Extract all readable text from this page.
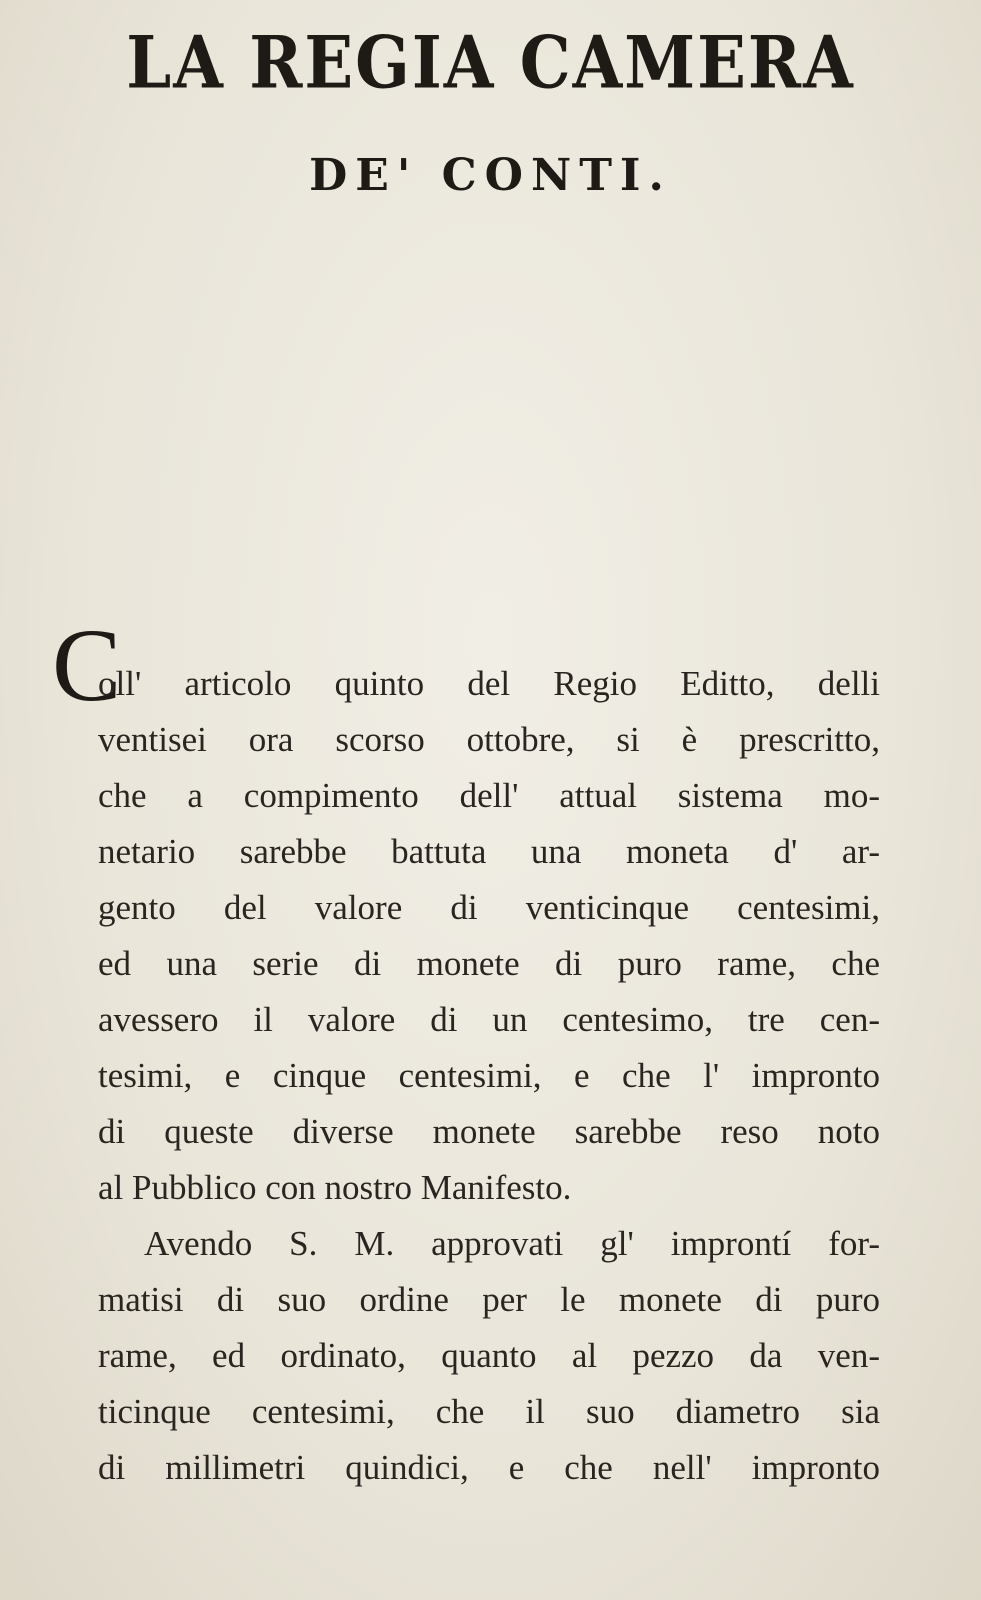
LA REGIA CAMERA
DE' CONTI.
C
oll' articolo quinto del Regio Editto, delli
ventisei ora scorso ottobre, si è prescritto,
che a compimento dell' attual sistema mo-
netario sarebbe battuta una moneta d' ar-
gento del valore di venticinque centesimi,
ed una serie di monete di puro rame, che
avessero il valore di un centesimo, tre cen-
tesimi, e cinque centesimi, e che l' impronto
di queste diverse monete sarebbe reso noto
al Pubblico con nostro Manifesto.
Avendo S. M. approvati gl' improntí for-
matisi di suo ordine per le monete di puro
rame, ed ordinato, quanto al pezzo da ven-
ticinque centesimi, che il suo diametro sia
di millimetri quindici, e che nell' impronto
